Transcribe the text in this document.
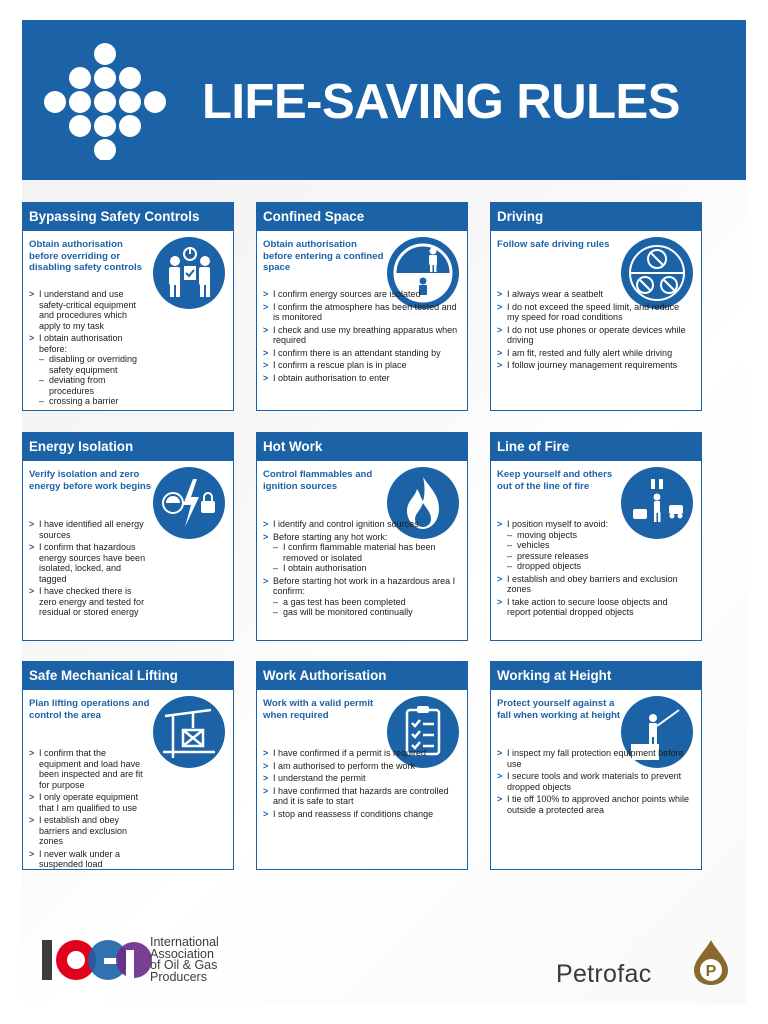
LIFE-SAVING RULES
Bypassing Safety Controls
Obtain authorisation before overriding or disabling safety controls
> I understand and use safety-critical equipment and procedures which apply to my task
> I obtain authorisation before:
– disabling or overriding safety equipment
– deviating from procedures
– crossing a barrier
Confined Space
Obtain authorisation before entering a confined space
> I confirm energy sources are isolated
> I confirm the atmosphere has been tested and is monitored
> I check and use my breathing apparatus when required
> I confirm there is an attendant standing by
> I confirm a rescue plan is in place
> I obtain authorisation to enter
Driving
Follow safe driving rules
> I always wear a seatbelt
> I do not exceed the speed limit, and reduce my speed for road conditions
> I do not use phones or operate devices while driving
> I am fit, rested and fully alert while driving
> I follow journey management requirements
Energy Isolation
Verify isolation and zero energy before work begins
> I have identified all energy sources
> I confirm that hazardous energy sources have been isolated, locked, and tagged
> I have checked there is zero energy and tested for residual or stored energy
Hot Work
Control flammables and ignition sources
> I identify and control ignition sources
> Before starting any hot work:
– I confirm flammable material has been removed or isolated
– I obtain authorisation
> Before starting hot work in a hazardous area I confirm:
– a gas test has been completed
– gas will be monitored continually
Line of Fire
Keep yourself and others out of the line of fire
> I position myself to avoid:
– moving objects
– vehicles
– pressure releases
– dropped objects
> I establish and obey barriers and exclusion zones
> I take action to secure loose objects and report potential dropped objects
Safe Mechanical Lifting
Plan lifting operations and control the area
> I confirm that the equipment and load have been inspected and are fit for purpose
> I only operate equipment that I am qualified to use
> I establish and obey barriers and exclusion zones
> I never walk under a suspended load
Work Authorisation
Work with a valid permit when required
> I have confirmed if a permit is required
> I am authorised to perform the work
> I understand the permit
> I have confirmed that hazards are controlled and it is safe to start
> I stop and reassess if conditions change
Working at Height
Protect yourself against a fall when working at height
> I inspect my fall protection equipment before use
> I secure tools and work materials to prevent dropped objects
> I tie off 100% to approved anchor points while outside a protected area
International
Association
of Oil & Gas
Producers	Petrofac	P
